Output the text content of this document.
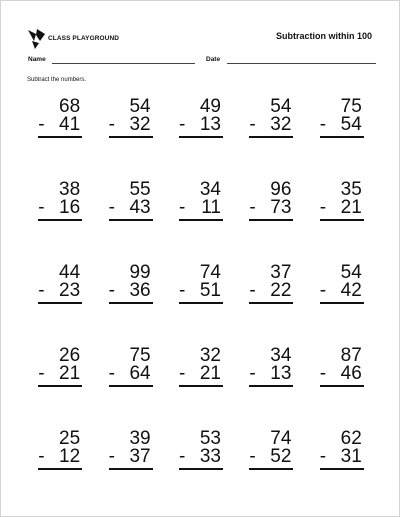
CLASS PLAYGROUND	Subtraction within 100
Name	Date
Subtract the numbers.
68
- 41
54
- 32
49
- 13
54
- 32
75
- 54
38
- 16
55
- 43
34
- 11
96
- 73
35
- 21
44
- 23
99
- 36
74
- 51
37
- 22
54
- 42
26
- 21
75
- 64
32
- 21
34
- 13
87
- 46
25
- 12
39
- 37
53
- 33
74
- 52
62
- 31
